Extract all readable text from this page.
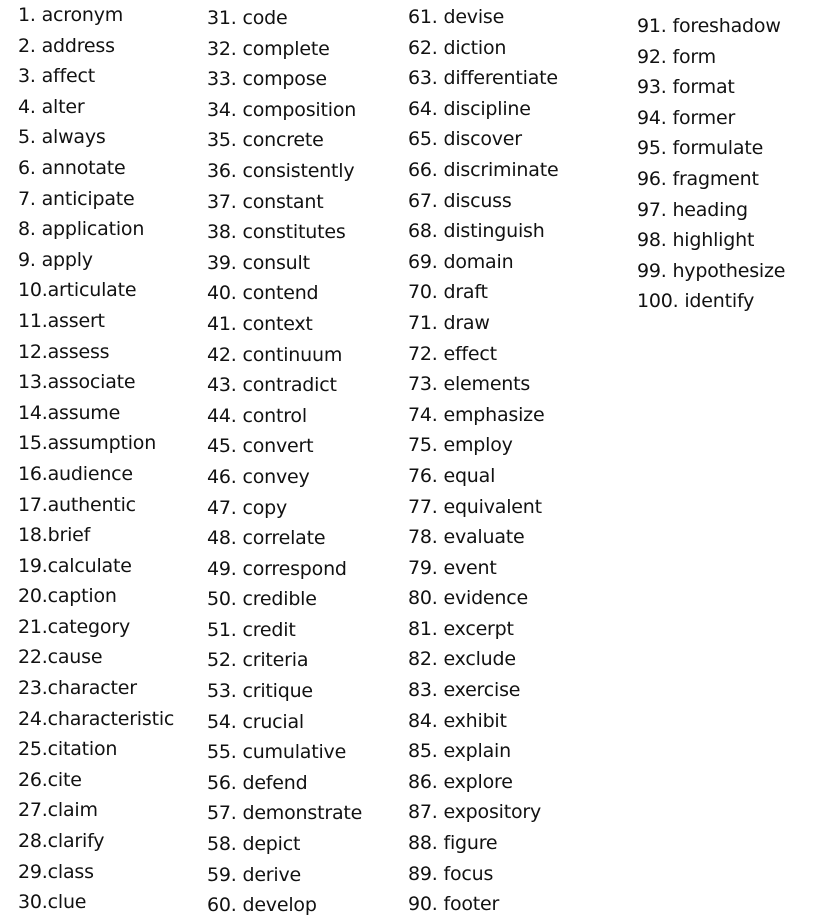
1. acronym
2. address
3. affect
4. alter
5. always
6. annotate
7. anticipate
8. application
9. apply
10.articulate
11.assert
12.assess
13.associate
14.assume
15.assumption
16.audience
17.authentic
18.brief
19.calculate
20.caption
21.category
22.cause
23.character
24.characteristic
25.citation
26.cite
27.claim
28.clarify
29.class
30.clue
31. code
32. complete
33. compose
34. composition
35. concrete
36. consistently
37. constant
38. constitutes
39. consult
40. contend
41. context
42. continuum
43. contradict
44. control
45. convert
46. convey
47. copy
48. correlate
49. correspond
50. credible
51. credit
52. criteria
53. critique
54. crucial
55. cumulative
56. defend
57. demonstrate
58. depict
59. derive
60. develop
61. devise
62. diction
63. differentiate
64. discipline
65. discover
66. discriminate
67. discuss
68. distinguish
69. domain
70. draft
71. draw
72. effect
73. elements
74. emphasize
75. employ
76. equal
77. equivalent
78. evaluate
79. event
80. evidence
81. excerpt
82. exclude
83. exercise
84. exhibit
85. explain
86. explore
87. expository
88. figure
89. focus
90. footer
91. foreshadow
92. form
93. format
94. former
95. formulate
96. fragment
97. heading
98. highlight
99. hypothesize
100. identify
